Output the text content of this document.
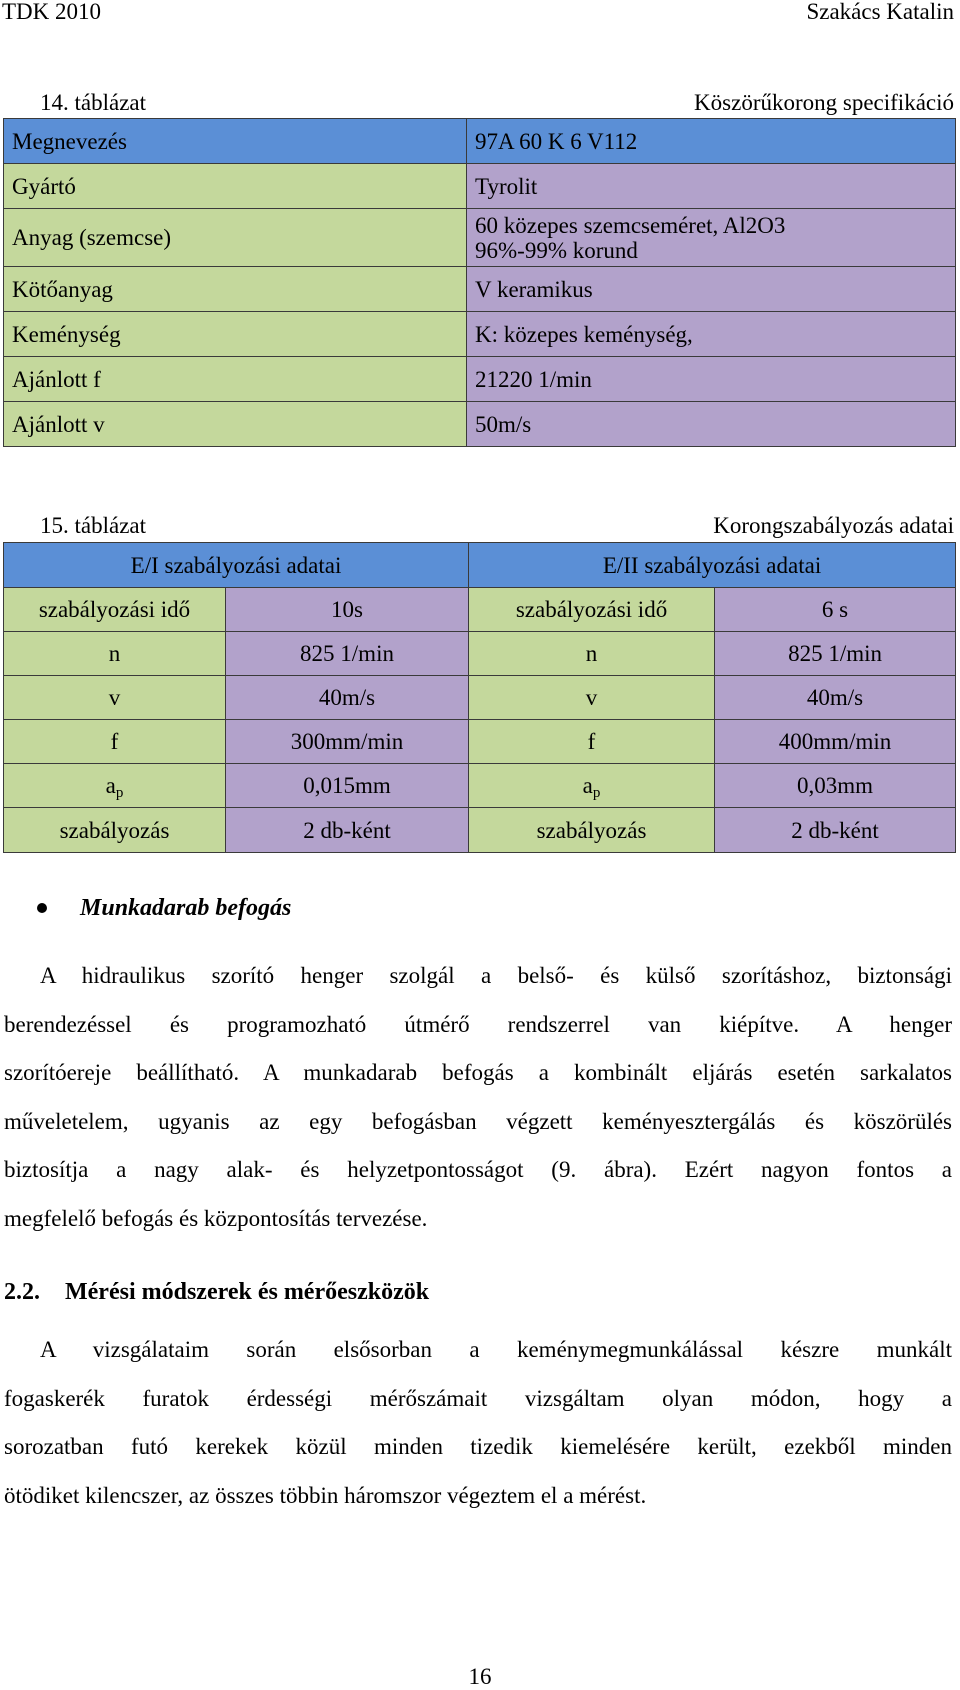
TDK 2010	Szakács Katalin
14. táblázat	Köszörűkorong specifikáció
Megnevezés	97A 60 K 6 V112
Gyártó	Tyrolit
Anyag (szemcse)	60 közepes szemcseméret, Al2O3
96%-99% korund

Kötőanyag	V keramikus
Keménység	K: közepes keménység,
Ajánlott f	21220 1/min
Ajánlott v	50m/s
15. táblázat	Korongszabályozás adatai
E/I szabályozási adatai		E/II szabályozási adatai	
szabályozási idő	10s	szabályozási idő	6 s
n	825 1/min	n	825 1/min
v	40m/s	v	40m/s
f	300mm/min	f	400mm/min
$a_p$	0,015mm	$a_p$	0,03mm
szabályozás	2 db-ként	szabályozás	2 db-ként
Munkadarab befogás
A hidraulikus szorító henger szolgál a belső- és külső szorításhoz, biztonsági
berendezéssel és programozható útmérő rendszerrel van kiépítve. A henger
szorítóereje beállítható. A munkadarab befogás a kombinált eljárás esetén sarkalatos
műveletelem, ugyanis az egy befogásban végzett keményesztergálás és köszörülés
biztosítja a nagy alak- és helyzetpontosságot (9. ábra). Ezért nagyon fontos a
megfelelő befogás és központosítás tervezése.
2.2. Mérési módszerek és mérőeszközök
A vizsgálataim során elsősorban a keménymegmunkálással készre munkált
fogaskerék furatok érdességi mérőszámait vizsgáltam olyan módon, hogy a
sorozatban futó kerekek közül minden tizedik kiemelésére került, ezekből minden
ötödiket kilencszer, az összes többin háromszor végeztem el a mérést.
16
